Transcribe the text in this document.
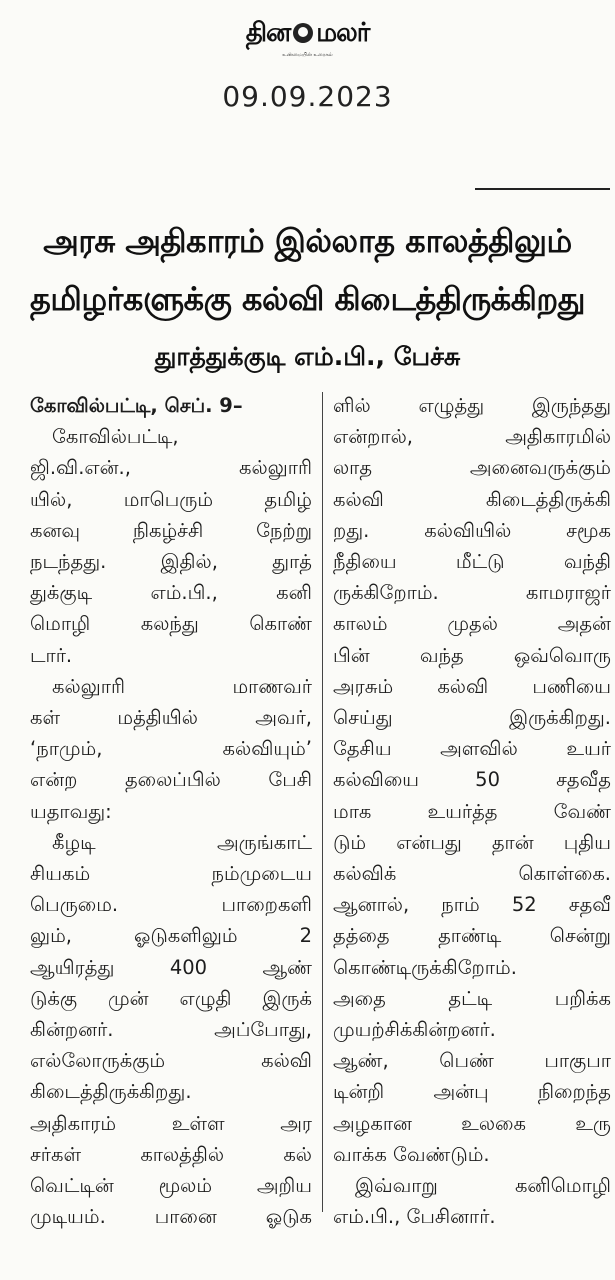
தின மலர்
உண்மையின் உரைகல்
09.09.2023
அரசு அதிகாரம் இல்லாத காலத்திலும்
தமிழர்களுக்கு கல்வி கிடைத்திருக்கிறது
துாத்துக்குடி எம்.பி., பேச்சு
கோவில்பட்டி, செப். 9–
கோவில்பட்டி,
ஜி.வி.என்.,	கல்லுாரி
யில்,	மாபெரும்	தமிழ்
கனவு	நிகழ்ச்சி	நேற்று
நடந்தது.	இதில்,	துாத்
துக்குடி	எம்.பி.,	கனி
மொழி	கலந்து	கொண்
டார்.
கல்லுாரி	மாணவர்
கள்	மத்தியில்	அவர்,
‘நாமும்,	கல்வியும்’
என்ற தலைப்பில் பேசி
யதாவது:
கீழடி	அருங்காட்
சியகம்	நம்முடைய
பெருமை.	பாறைகளி
லும்,	ஓடுகளிலும்	2
ஆயிரத்து	400	ஆண்
டுக்கு முன் எழுதி இருக்
கின்றனர்.	அப்போது,
எல்லோருக்கும்	கல்வி
கிடைத்திருக்கிறது.
அதிகாரம்	உள்ள	அர
சர்கள்	காலத்தில்	கல்
வெட்டின் மூலம் அறிய
முடியம்.	பானை	ஓடுக
ளில் எழுத்து இருந்தது
என்றால்,	அதிகாரமில்
லாத	அனைவருக்கும்
கல்வி	கிடைத்திருக்கி
றது.	கல்வியில்	சமூக
நீதியை	மீட்டு	வந்தி
ருக்கிறோம்.	காமராஜர்
காலம்	முதல்	அதன்
பின்	வந்த	ஒவ்வொரு
அரசும் கல்வி பணியை
செய்து	இருக்கிறது.
தேசிய அளவில் உயர்
கல்வியை	50	சதவீத
மாக	உயர்த்த	வேண்
டும் என்பது தான் புதிய
கல்விக்	கொள்கை.
ஆனால், நாம் 52 சதவீ
தத்தை தாண்டி சென்று
கொண்டிருக்கிறோம்.
அதை	தட்டி	பறிக்க
முயற்சிக்கின்றனர்.
ஆண்,	பெண்	பாகுபா
டின்றி	அன்பு	நிறைந்த
அழகான	உலகை	உரு
வாக்க வேண்டும்.
இவ்வாறு	கனிமொழி
எம்.பி., பேசினார்.
